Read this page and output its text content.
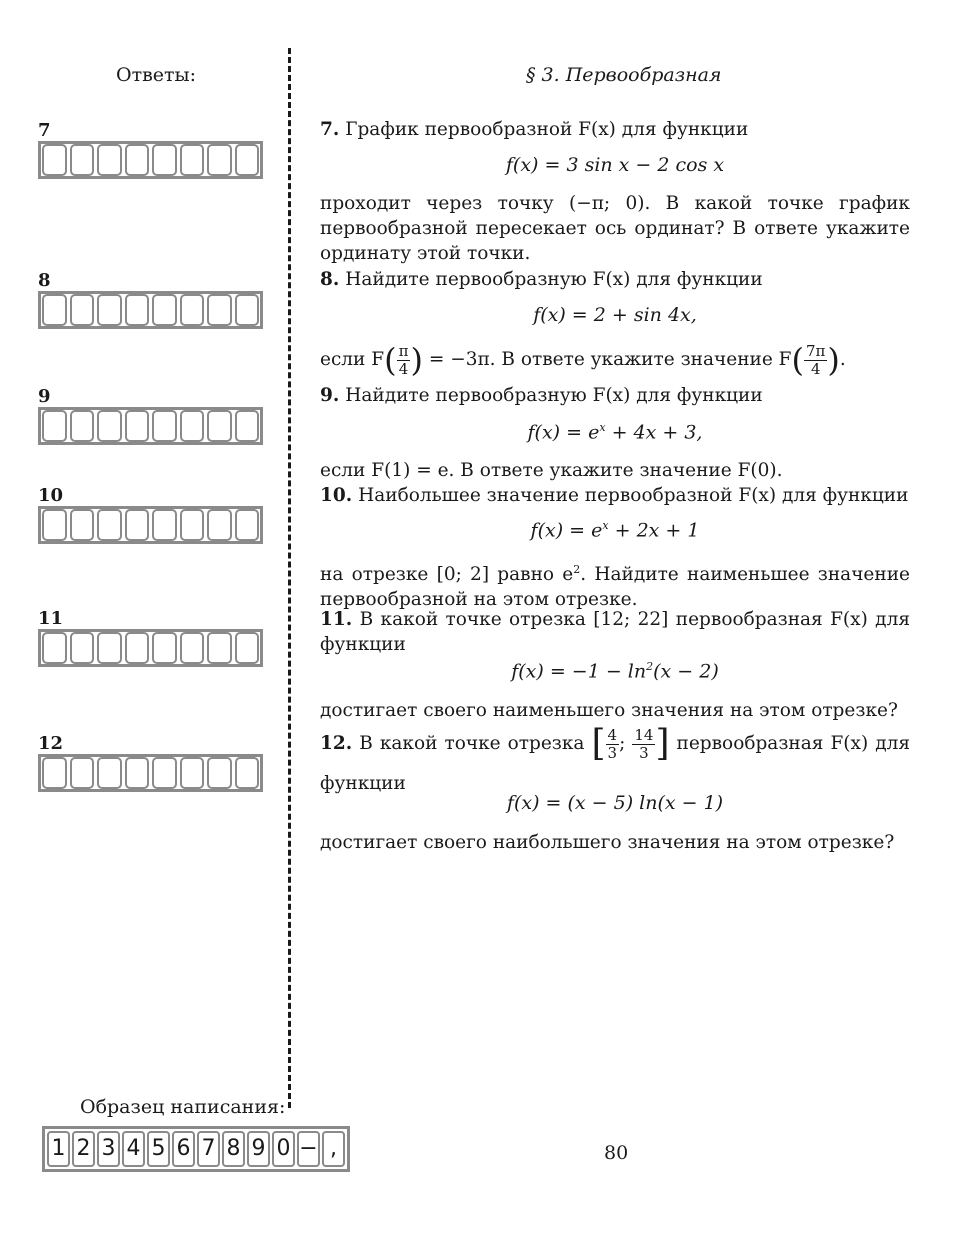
Ответы:	§ 3. Первообразная
7
8
9
10
11
12
7. График первообразной F(x) для функции
f(x) = 3 sin x − 2 cos x
проходит через точку (−π; 0). В какой точке график первообразной пересекает ось ординат? В ответе укажите ординату этой точки.
8. Найдите первообразную F(x) для функции
f(x) = 2 + sin 4x,
если $F( \frac{\pi}{4}$ ) = −3π. В ответе укажите значение $F( \frac{7\pi}{4}$ ).
9. Найдите первообразную F(x) для функции
$f(x) = e^x + 4x + 3$,
если F(1) = e. В ответе укажите значение F(0).
10. Наибольшее значение первообразной F(x) для функции
$f(x) = e^x + 2x + 1$
на отрезке [0; 2] равно $e^2$. Найдите наименьшее значение первообразной на этом отрезке.
11. В какой точке отрезка [12; 22] первообразная F(x) для функции
$f(x) = -1 - \ln^2(x - 2)$
достигает своего наименьшего значения на этом отрезке?
12. В какой точке отрезка [ $\frac{4}{3}$ ; $\frac{14}{3}$ ] первообразная F(x) для функции
f(x) = (x − 5) ln(x − 1)
достигает своего наибольшего значения на этом отрезке?
Образец написания:
1 2 3 4 5 6 7 8 9 0 − ,	80
